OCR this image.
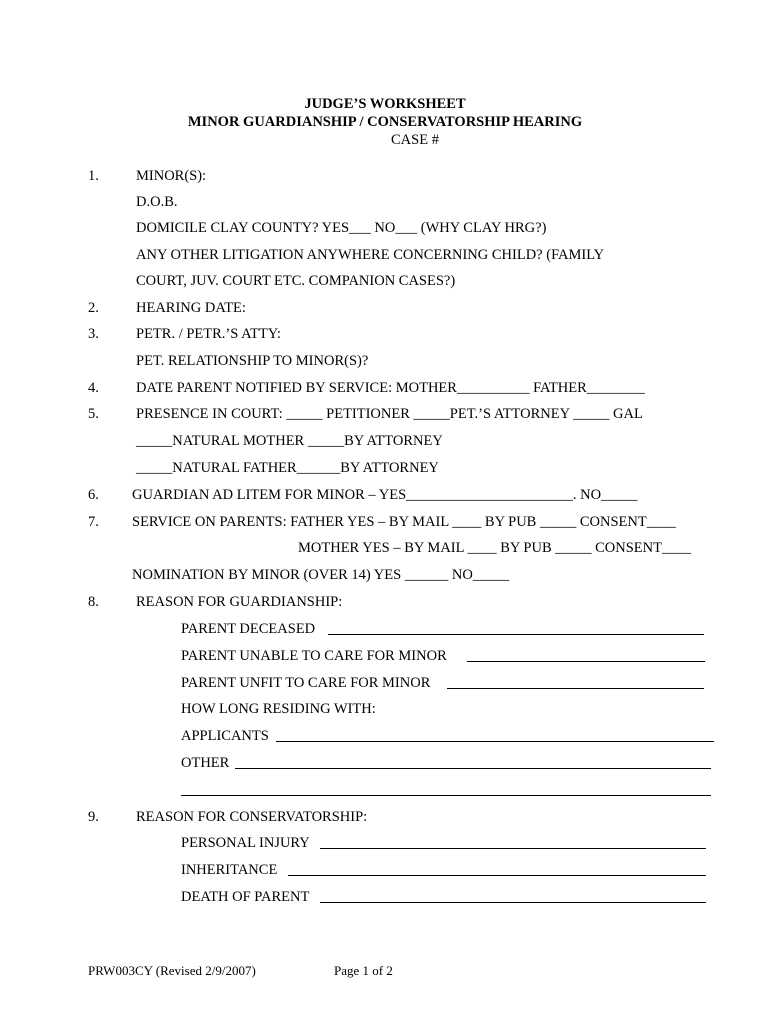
JUDGE’S WORKSHEET
MINOR GUARDIANSHIP / CONSERVATORSHIP HEARING
CASE #
1.	MINOR(S):
D.O.B.
DOMICILE CLAY COUNTY? YES___ NO___ (WHY CLAY HRG?)
ANY OTHER LITIGATION ANYWHERE CONCERNING CHILD? (FAMILY
COURT, JUV. COURT ETC. COMPANION CASES?)
2.	HEARING DATE:
3.	PETR. / PETR.’S ATTY:
PET. RELATIONSHIP TO MINOR(S)?
4.	DATE PARENT NOTIFIED BY SERVICE: MOTHER__________ FATHER________
5.	PRESENCE IN COURT: _____ PETITIONER _____PET.’S ATTORNEY _____ GAL
_____NATURAL MOTHER _____BY ATTORNEY
_____NATURAL FATHER______BY ATTORNEY
6. GUARDIAN AD LITEM FOR MINOR – YES_______________________. NO_____
7. SERVICE ON PARENTS: FATHER YES – BY MAIL ____ BY PUB _____ CONSENT____
MOTHER YES – BY MAIL ____ BY PUB _____ CONSENT____
NOMINATION BY MINOR (OVER 14) YES ______ NO_____
8.	REASON FOR GUARDIANSHIP:
PARENT DECEASED
PARENT UNABLE TO CARE FOR MINOR
PARENT UNFIT TO CARE FOR MINOR
HOW LONG RESIDING WITH:
APPLICANTS
OTHER
9.	REASON FOR CONSERVATORSHIP:
PERSONAL INJURY
INHERITANCE
DEATH OF PARENT
PRW003CY (Revised 2/9/2007)	Page 1 of 2
